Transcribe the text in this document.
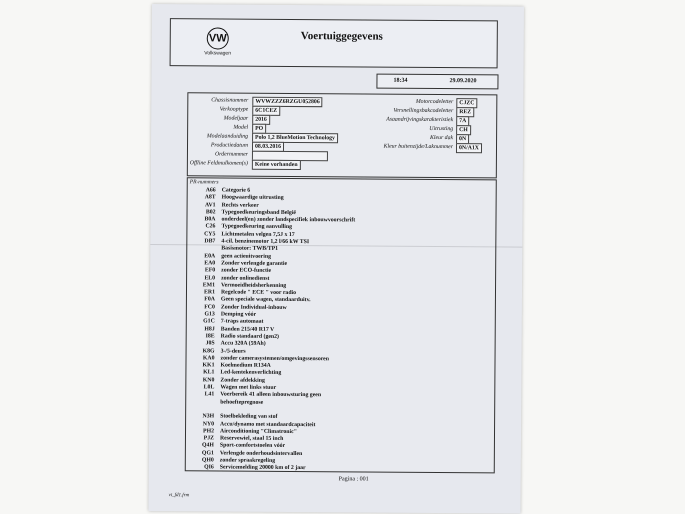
VW
Volkswagen
Voertuiggegevens
18:34	29.09.2020
Chassisnummer	WVWZZZ6RZGU052806
Verkooptype	6C1CEZ
Modeljaar	2016
Model	PO
Modelaanduiding	Polo 1,2 BlueMotion Technology
Productiedatum	08.03.2016
Ordernummer
Offline Feldmulkomen(s)	Keine vorhanden
Motorcodeletter	CJZC
Versnellingsbakcodeletter	REZ
Asaandrijvingskarakteristiek	7A
Uitrusting	CH
Kleur dak	0N
Kleur buitenzijde/Laknummer	0N/A1X
PR-nummers
A66 Categorie 6
A8T Hoogwaardige uitrusting
AV1 Rechts verkeer
B02 Typegoedkeuringsband België
B0A onderdeel(en) zonder landspecifiek inbouwvoorschrift
C26 Typegoedkeuring aanvulling
CY5 Lichtmetalen velgen 7,5J x 17
DB7 4-cil. benzinemotor 1,2 l/66 kW TSI
Basismotor: TWB/TP1
E0A geen actieuitvoering
EA0 Zonder verlengde garantie
EF0 zonder ECO-functie
EL0 zonder onlinedienst
EM1 Vermoeidheidsherkenning
ER1 Regelcode " ECE " voor radio
F0A Geen speciale wagen, standaarduitv.
FC0 Zonder Individual-inbouw
G13 Demping vóór
G1C 7-traps automaat
H8J Banden 215/40 R17 V
I8E Radio standaard (gen2)
J0S Accu 320A (59Ah)
K8G 3-/5-deurs
KA0 zonder camerasystemen/omgevingssensoren
KK1 Koelmedium R134A
KL1 Led-kentekenverlichting
KN0 Zonder afdekking
L0L Wagen met links stuur
L41 Voerbereik 41 alleen inbouwsturing geen
behoeftepregnose
N3H Stoelbekleding van stof
NY0 Accu/dynamo met standaardcapaciteit
PH2 Airconditioning "Climatronic"
PJZ Reservewiel, staal 15 inch
Q4H Sport-comfortstoelen vóór
QG1 Verlengde onderhoudsintervallen
QH0 zonder spraakregeling
QI6 Servicemelding 20000 km of 2 jaar
Pagina : 001
vt_fd1.frm
